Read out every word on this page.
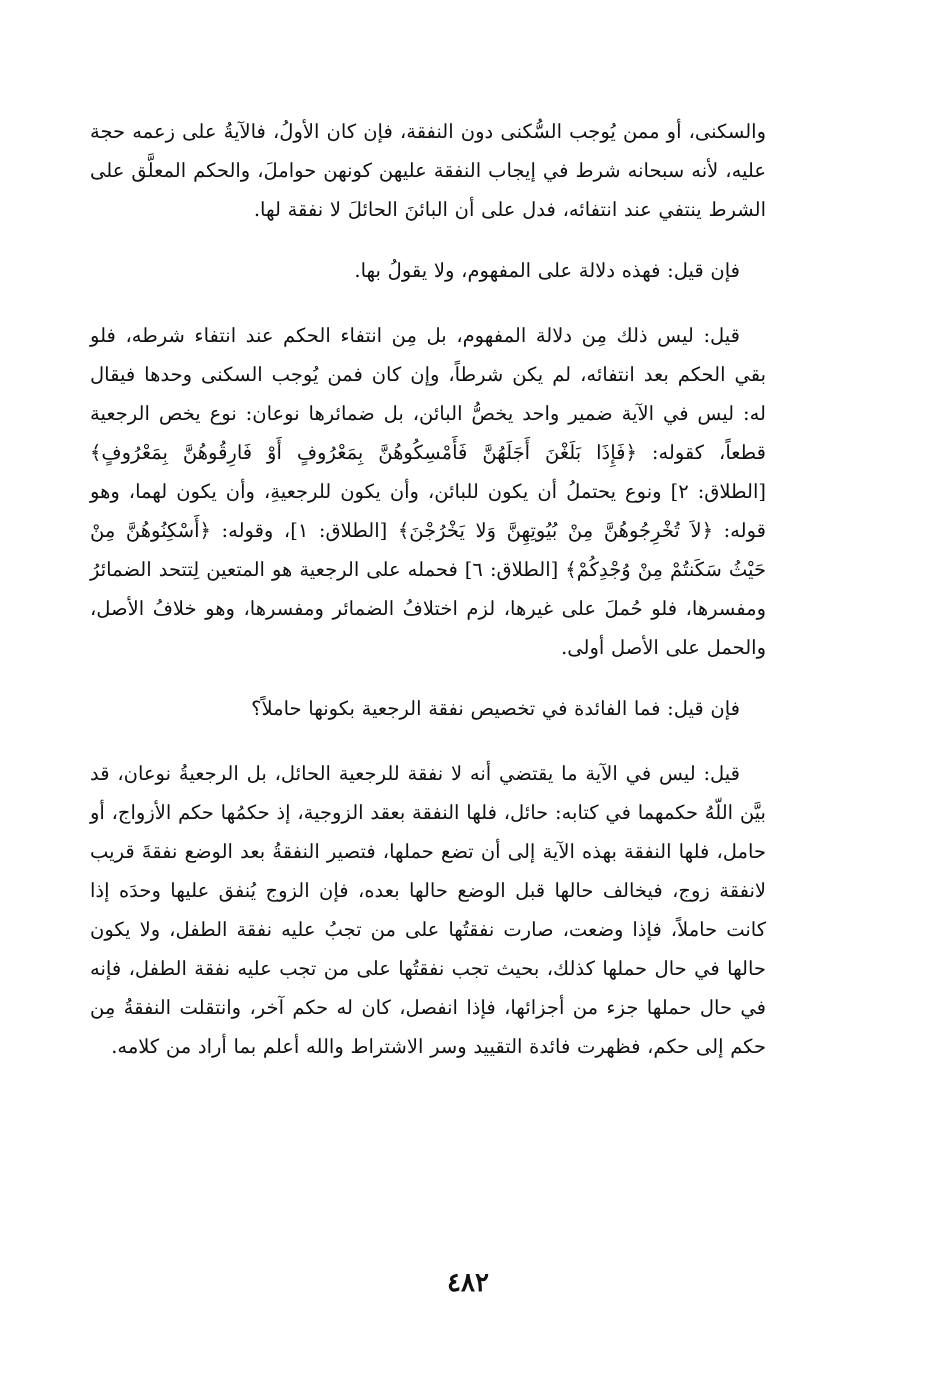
والسكنى، أو ممن يُوجب السُّكنى دون النفقة، فإن كان الأولُ، فالآيةُ على زعمه حجة عليه، لأنه سبحانه شرط في إيجاب النفقة عليهن كونهن حواملَ، والحكم المعلَّق على الشرط ينتفي عند انتفائه، فدل على أن البائنَ الحائلَ لا نفقة لها.

فإن قيل: فهذه دلالة على المفهوم، ولا يقولُ بها.

قيل: ليس ذلك مِن دلالة المفهوم، بل مِن انتفاء الحكم عند انتفاء شرطه، فلو بقي الحكم بعد انتفائه، لم يكن شرطاً، وإن كان فمن يُوجب السكنى وحدها فيقال له: ليس في الآية ضمير واحد يخصُّ البائن، بل ضمائرها نوعان: نوع يخص الرجعية قطعاً، كقوله: ﴿فَإِذَا بَلَغْنَ أَجَلَهُنَّ فَأَمْسِكُوهُنَّ بِمَعْرُوفٍ أَوْ فَارِقُوهُنَّ بِمَعْرُوفٍ﴾ [الطلاق: ٢] ونوع يحتملُ أن يكون للبائن، وأن يكون للرجعيةِ، وأن يكون لهما، وهو قوله: ﴿لاَ تُخْرِجُوهُنَّ مِنْ بُيُوتِهِنَّ وَلا يَخْرُجْنَ﴾ [الطلاق: ١]، وقوله: ﴿أَسْكِنُوهُنَّ مِنْ حَيْثُ سَكَنتُمْ مِنْ وُجْدِكُمْ﴾ [الطلاق: ٦] فحمله على الرجعية هو المتعين لِتتحد الضمائرُ ومفسرها، فلو حُملَ على غيرها، لزم اختلافُ الضمائر ومفسرها، وهو خلافُ الأصل، والحمل على الأصل أولى.

فإن قيل: فما الفائدة في تخصيص نفقة الرجعية بكونها حاملاً؟

قيل: ليس في الآية ما يقتضي أنه لا نفقة للرجعية الحائل، بل الرجعيةُ نوعان، قد بيَّن اللّهُ حكمهما في كتابه: حائل، فلها النفقة بعقد الزوجية، إذ حكمُها حكم الأزواج، أو حامل، فلها النفقة بهذه الآية إلى أن تضع حملها، فتصير النفقةُ بعد الوضع نفقةَ قريب لانفقة زوج، فيخالف حالها قبل الوضع حالها بعده، فإن الزوج يُنفق عليها وحدَه إذا كانت حاملاً، فإذا وضعت، صارت نفقتُها على من تجبُ عليه نفقة الطفل، ولا يكون حالها في حال حملها كذلك، بحيث تجب نفقتُها على من تجب عليه نفقة الطفل، فإنه في حال حملها جزء من أجزائها، فإذا انفصل، كان له حكم آخر، وانتقلت النفقةُ مِن حكم إلى حكم، فظهرت فائدة التقييد وسر الاشتراط والله أعلم بما أراد من كلامه.

٤٨٢
